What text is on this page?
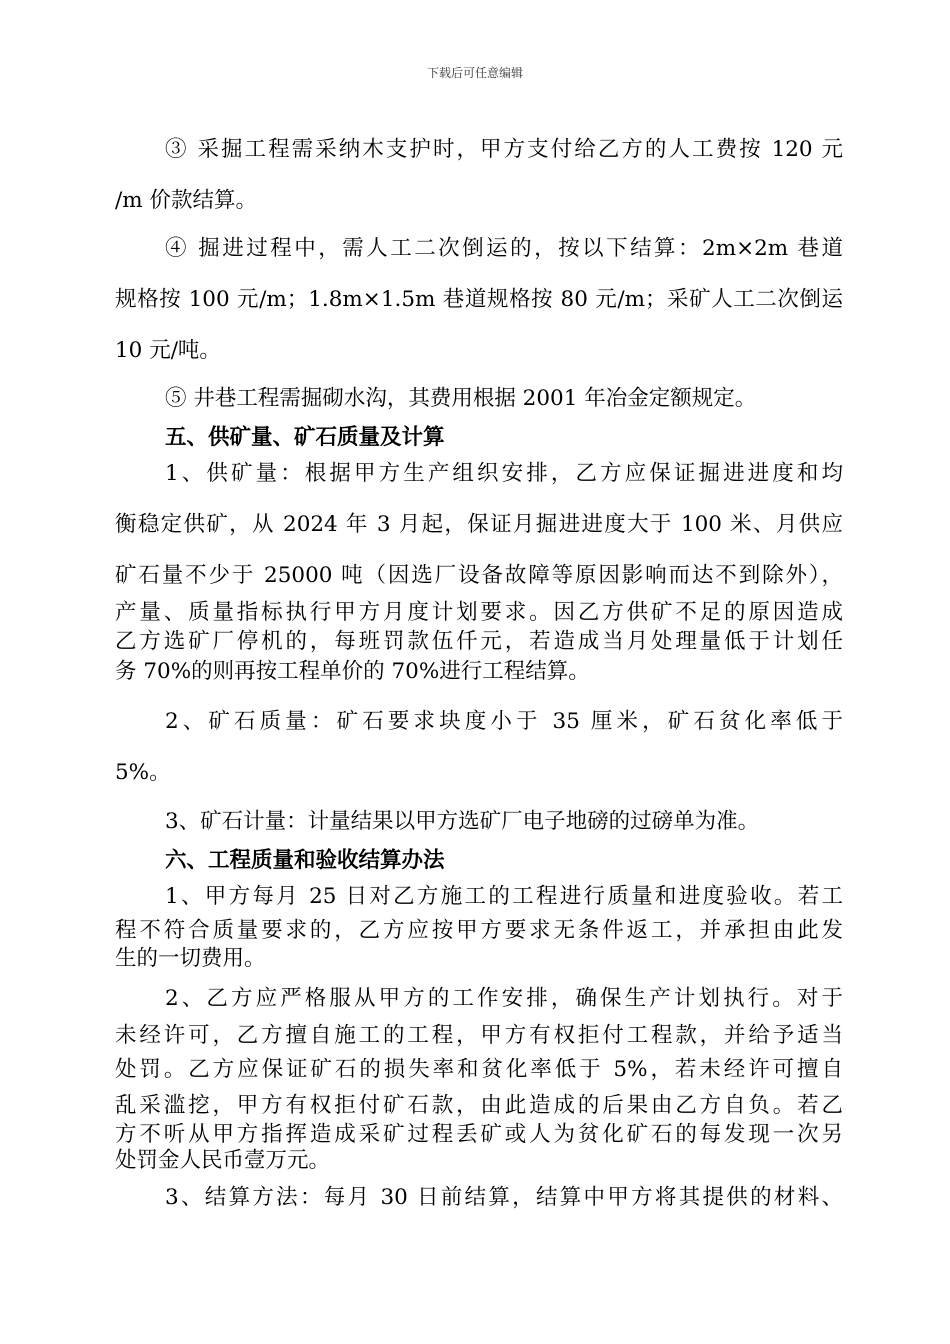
下载后可任意编辑
③ 采掘工程需采纳木支护时，甲方支付给乙方的人工费按 120 元
/m 价款结算。
④ 掘进过程中，需人工二次倒运的，按以下结算：2m×2m 巷道
规格按 100 元/m；1.8m×1.5m 巷道规格按 80 元/m；采矿人工二次倒运
10 元/吨。
⑤ 井巷工程需掘砌水沟，其费用根据 2001 年冶金定额规定。
五、供矿量、矿石质量及计算
1、供矿量：根据甲方生产组织安排，乙方应保证掘进进度和均
衡稳定供矿，从 2024 年 3 月起，保证月掘进进度大于 100 米、月供应
矿石量不少于 25000 吨（因选厂设备故障等原因影响而达不到除外），
产量、质量指标执行甲方月度计划要求。因乙方供矿不足的原因造成
乙方选矿厂停机的，每班罚款伍仟元，若造成当月处理量低于计划任
务 70%的则再按工程单价的 70%进行工程结算。
2、矿石质量：矿石要求块度小于 35 厘米，矿石贫化率低于
5%。
3、矿石计量：计量结果以甲方选矿厂电子地磅的过磅单为准。
六、工程质量和验收结算办法
1、甲方每月 25 日对乙方施工的工程进行质量和进度验收。若工
程不符合质量要求的，乙方应按甲方要求无条件返工，并承担由此发
生的一切费用。
2、乙方应严格服从甲方的工作安排，确保生产计划执行。对于
未经许可，乙方擅自施工的工程，甲方有权拒付工程款，并给予适当
处罚。乙方应保证矿石的损失率和贫化率低于 5%，若未经许可擅自
乱采滥挖，甲方有权拒付矿石款，由此造成的后果由乙方自负。若乙
方不听从甲方指挥造成采矿过程丢矿或人为贫化矿石的每发现一次另
处罚金人民币壹万元。
3、结算方法：每月 30 日前结算，结算中甲方将其提供的材料、
